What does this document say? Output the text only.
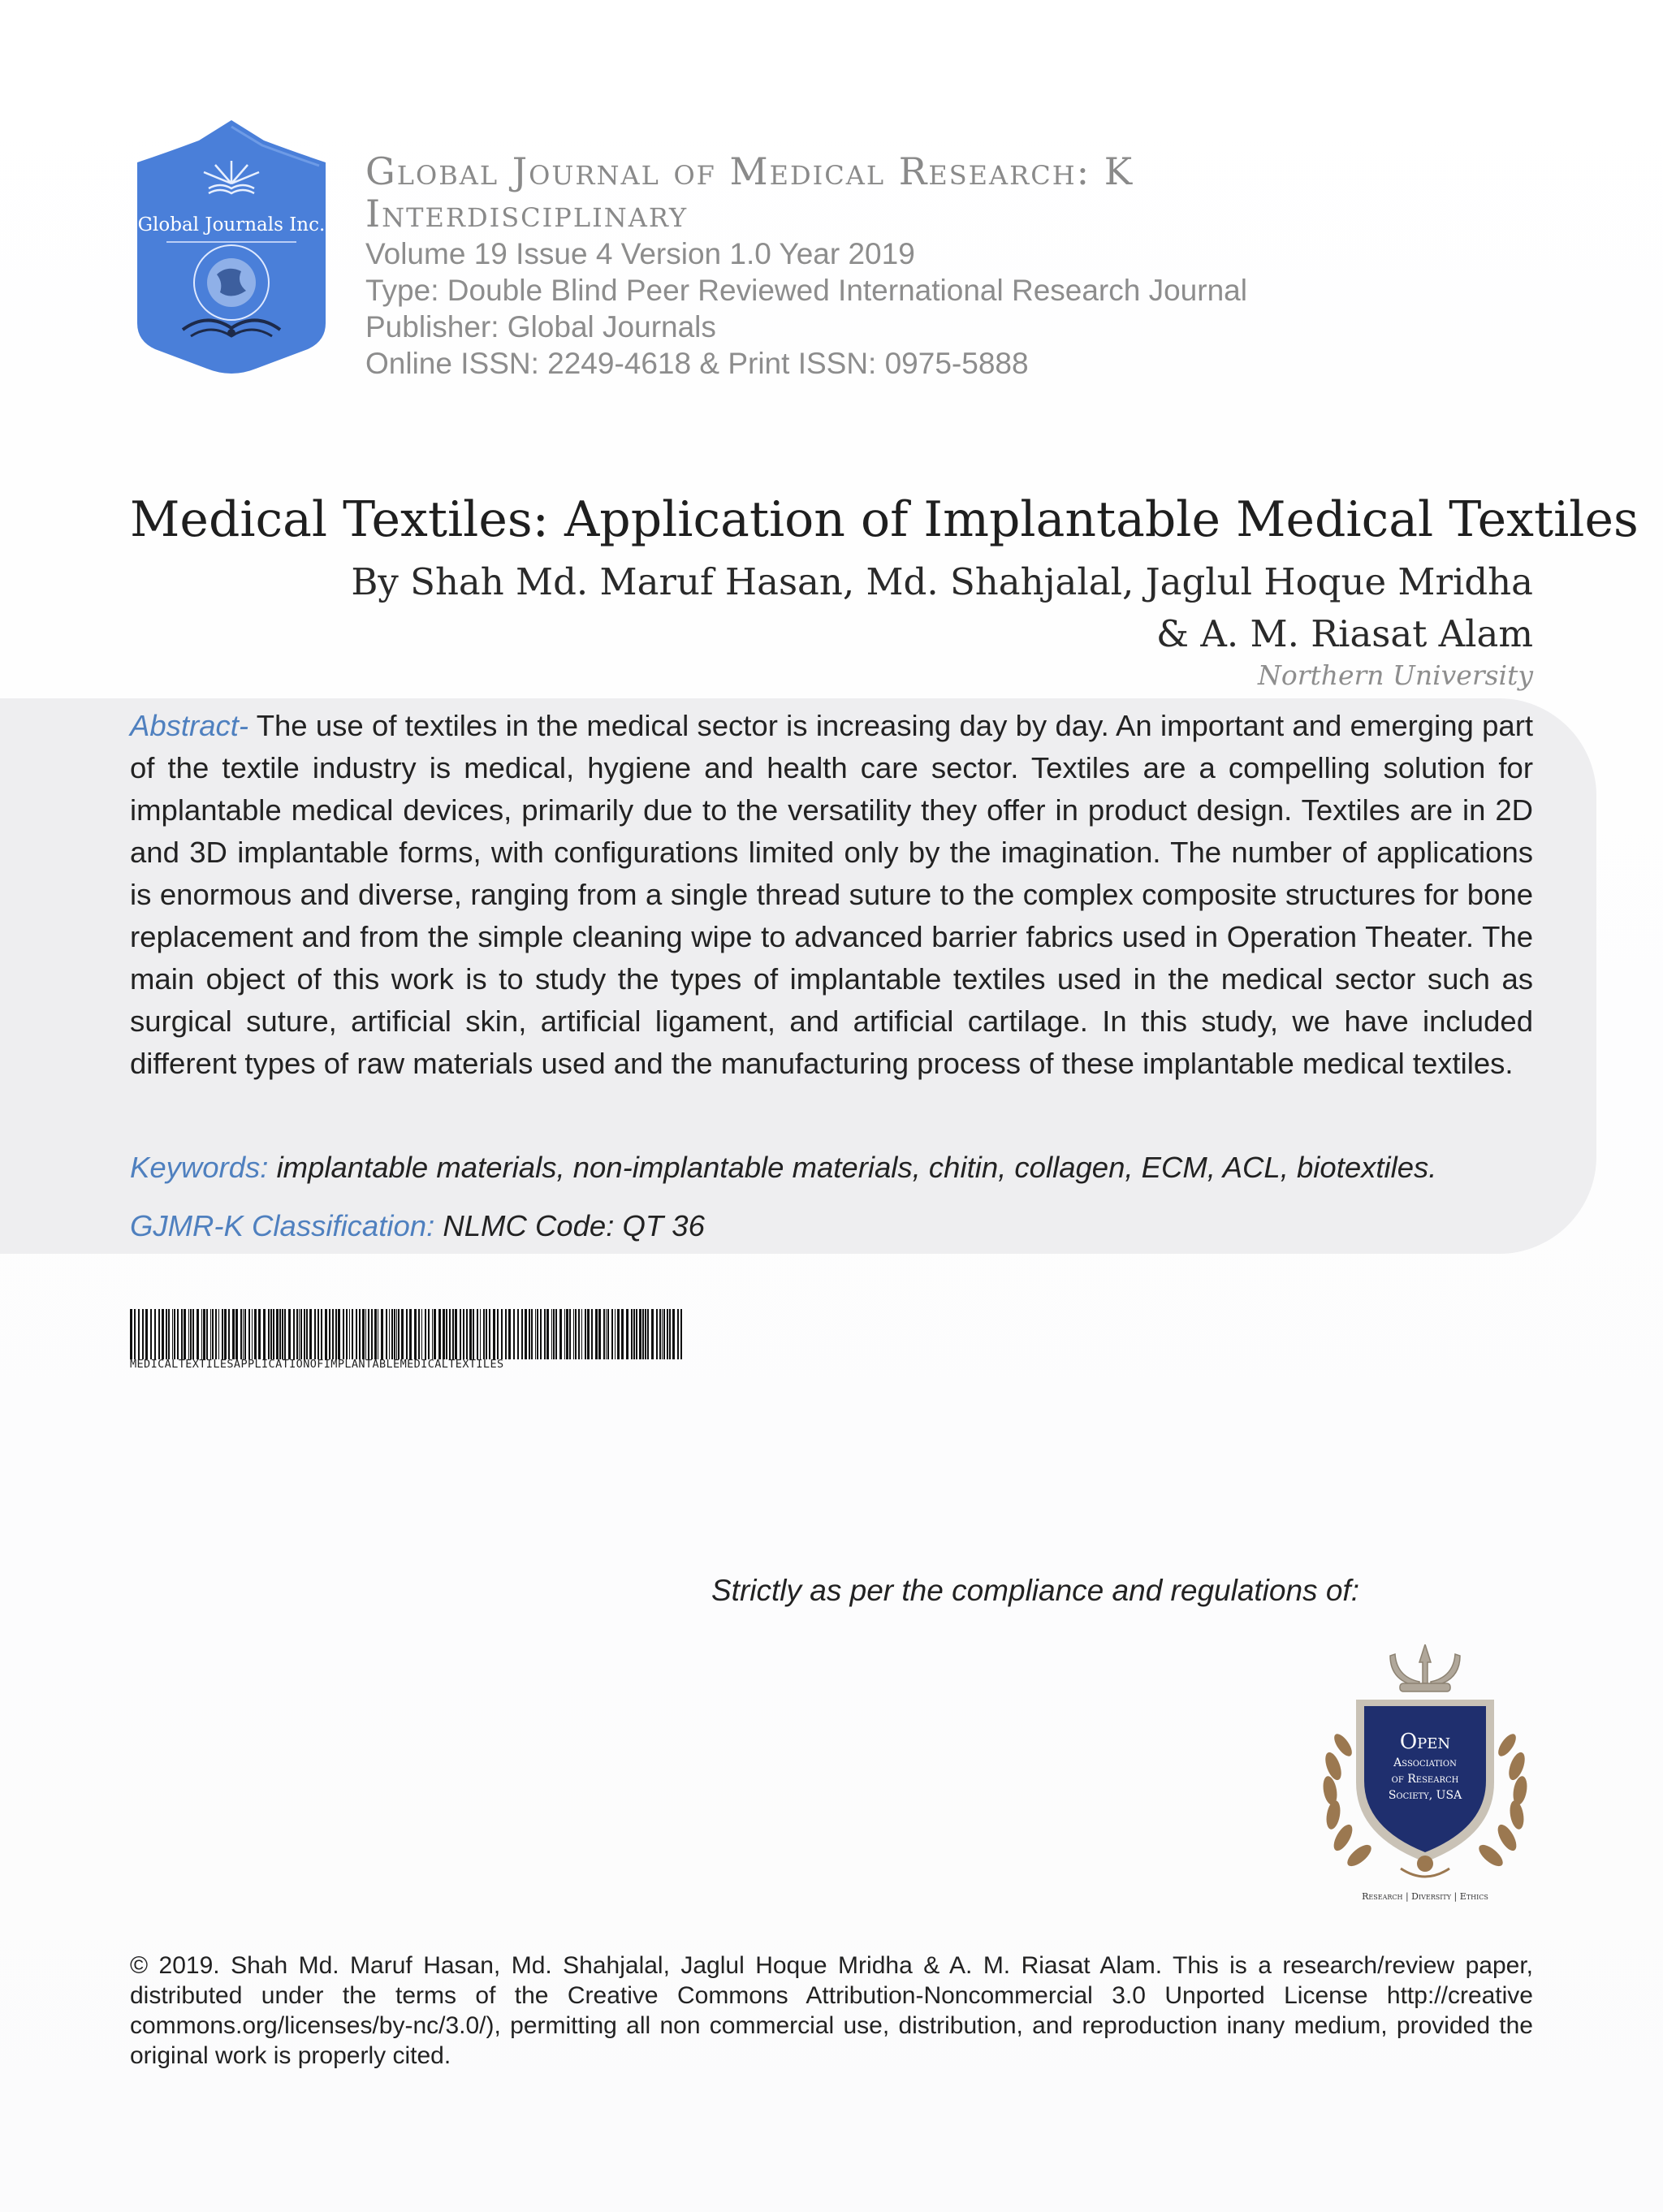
Global Journals Inc.
Global Journal of Medical Research: K Interdisciplinary
Volume 19 Issue 4 Version 1.0 Year 2019
Type: Double Blind Peer Reviewed International Research Journal
Publisher: Global Journals
Online ISSN: 2249-4618 & Print ISSN: 0975-5888
Medical Textiles: Application of Implantable Medical Textiles
By Shah Md. Maruf Hasan, Md. Shahjalal, Jaglul Hoque Mridha
& A. M. Riasat Alam
Northern University
Abstract- The use of textiles in the medical sector is increasing day by day. An important and emerging part of the textile industry is medical, hygiene and health care sector. Textiles are a compelling solution for implantable medical devices, primarily due to the versatility they offer in product design. Textiles are in 2D and 3D implantable forms, with configurations limited only by the imagination. The number of applications is enormous and diverse, ranging from a single thread suture to the complex composite structures for bone replacement and from the simple cleaning wipe to advanced barrier fabrics used in Operation Theater. The main object of this work is to study the types of implantable textiles used in the medical sector such as surgical suture, artificial skin, artificial ligament, and artificial cartilage. In this study, we have included different types of raw materials used and the manufacturing process of these implantable medical textiles.
Keywords: implantable materials, non-implantable materials, chitin, collagen, ECM, ACL, biotextiles.
GJMR-K Classification: NLMC Code: QT 36
MEDICALTEXTILESAPPLICATIONOFIMPLANTABLEMEDICALTEXTILES
Strictly as per the compliance and regulations of:
Open
Association
of Research
Society, USA
Research | Diversity | Ethics
© 2019. Shah Md. Maruf Hasan, Md. Shahjalal, Jaglul Hoque Mridha & A. M. Riasat Alam. This is a research/review paper, distributed under the terms of the Creative Commons Attribution-Noncommercial 3.0 Unported License http://creative commons.org/licenses/by-nc/3.0/), permitting all non commercial use, distribution, and reproduction inany medium, provided the original work is properly cited.
